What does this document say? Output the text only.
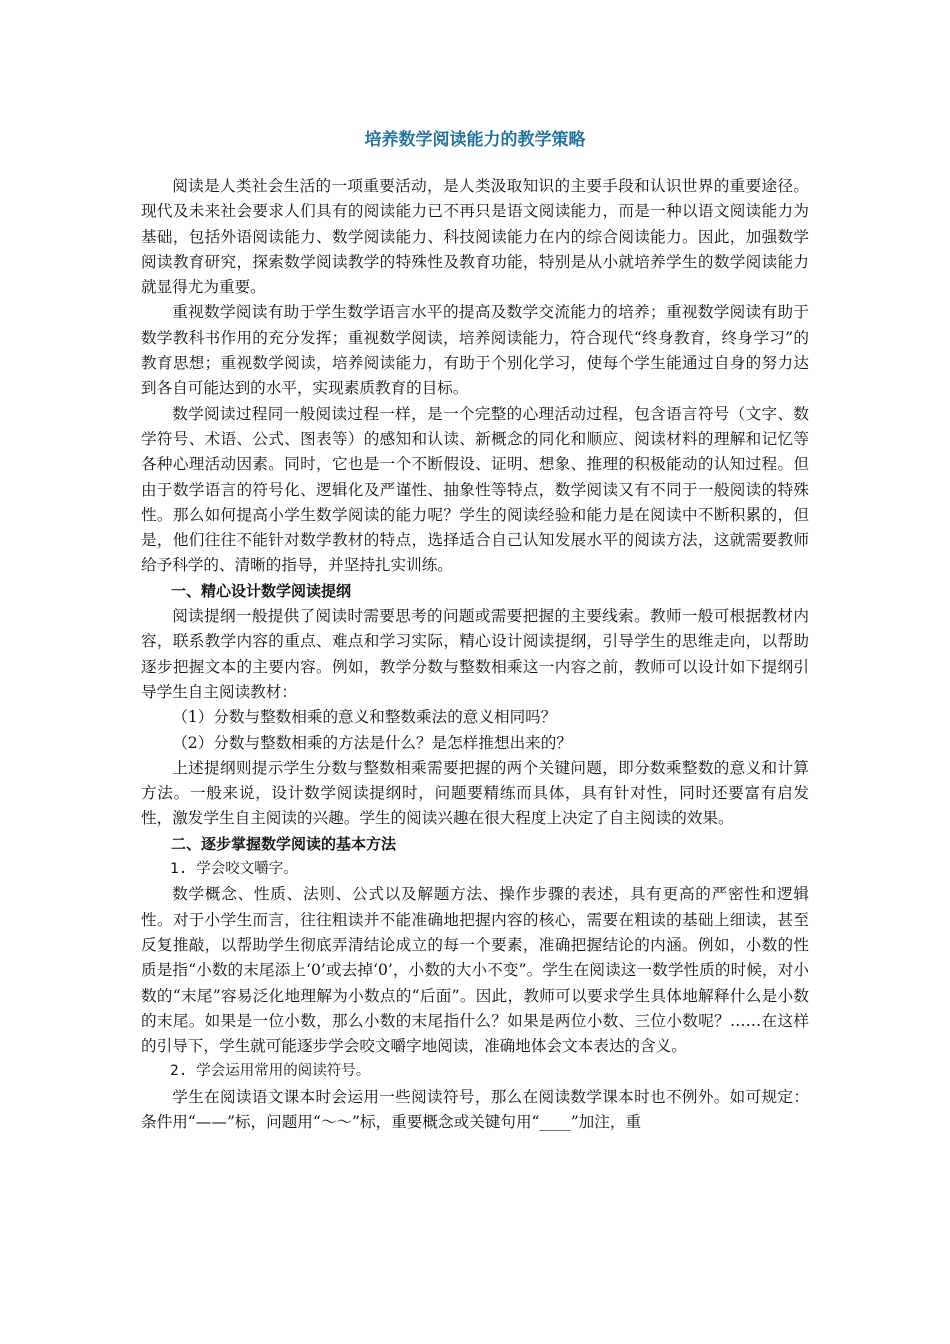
培养数学阅读能力的教学策略

阅读是人类社会生活的一项重要活动，是人类汲取知识的主要手段和认识世界的重要途径。现代及未来社会要求人们具有的阅读能力已不再只是语文阅读能力，而是一种以语文阅读能力为基础，包括外语阅读能力、数学阅读能力、科技阅读能力在内的综合阅读能力。因此，加强数学阅读教育研究，探索数学阅读教学的特殊性及教育功能，特别是从小就培养学生的数学阅读能力就显得尤为重要。

重视数学阅读有助于学生数学语言水平的提高及数学交流能力的培养；重视数学阅读有助于数学教科书作用的充分发挥；重视数学阅读，培养阅读能力，符合现代“终身教育，终身学习”的教育思想；重视数学阅读，培养阅读能力，有助于个别化学习，使每个学生能通过自身的努力达到各自可能达到的水平，实现素质教育的目标。

数学阅读过程同一般阅读过程一样，是一个完整的心理活动过程，包含语言符号（文字、数学符号、术语、公式、图表等）的感知和认读、新概念的同化和顺应、阅读材料的理解和记忆等各种心理活动因素。同时，它也是一个不断假设、证明、想象、推理的积极能动的认知过程。但由于数学语言的符号化、逻辑化及严谨性、抽象性等特点，数学阅读又有不同于一般阅读的特殊性。那么如何提高小学生数学阅读的能力呢？学生的阅读经验和能力是在阅读中不断积累的，但是，他们往往不能针对数学教材的特点，选择适合自己认知发展水平的阅读方法，这就需要教师给予科学的、清晰的指导，并坚持扎实训练。

一、精心设计数学阅读提纲

阅读提纲一般提供了阅读时需要思考的问题或需要把握的主要线索。教师一般可根据教材内容，联系教学内容的重点、难点和学习实际，精心设计阅读提纲，引导学生的思维走向，以帮助逐步把握文本的主要内容。例如，教学分数与整数相乘这一内容之前，教师可以设计如下提纲引导学生自主阅读教材：

（1）分数与整数相乘的意义和整数乘法的意义相同吗？

（2）分数与整数相乘的方法是什么？是怎样推想出来的？

上述提纲则提示学生分数与整数相乘需要把握的两个关键问题，即分数乘整数的意义和计算方法。一般来说，设计数学阅读提纲时，问题要精练而具体，具有针对性，同时还要富有启发性，激发学生自主阅读的兴趣。学生的阅读兴趣在很大程度上决定了自主阅读的效果。

二、逐步掌握数学阅读的基本方法

1. 学会咬文嚼字。

数学概念、性质、法则、公式以及解题方法、操作步骤的表述，具有更高的严密性和逻辑性。对于小学生而言，往往粗读并不能准确地把握内容的核心，需要在粗读的基础上细读，甚至反复推敲，以帮助学生彻底弄清结论成立的每一个要素，准确把握结论的内涵。例如，小数的性质是指“小数的末尾添上‘0’或去掉‘0’，小数的大小不变”。学生在阅读这一数学性质的时候，对小数的“末尾”容易泛化地理解为小数点的“后面”。因此，教师可以要求学生具体地解释什么是小数的末尾。如果是一位小数，那么小数的末尾指什么？如果是两位小数、三位小数呢？……在这样的引导下，学生就可能逐步学会咬文嚼字地阅读，准确地体会文本表达的含义。

2. 学会运用常用的阅读符号。

学生在阅读语文课本时会运用一些阅读符号，那么在阅读数学课本时也不例外。如可规定：条件用“——”标，问题用“～～”标，重要概念或关键句用“____”加注，重
